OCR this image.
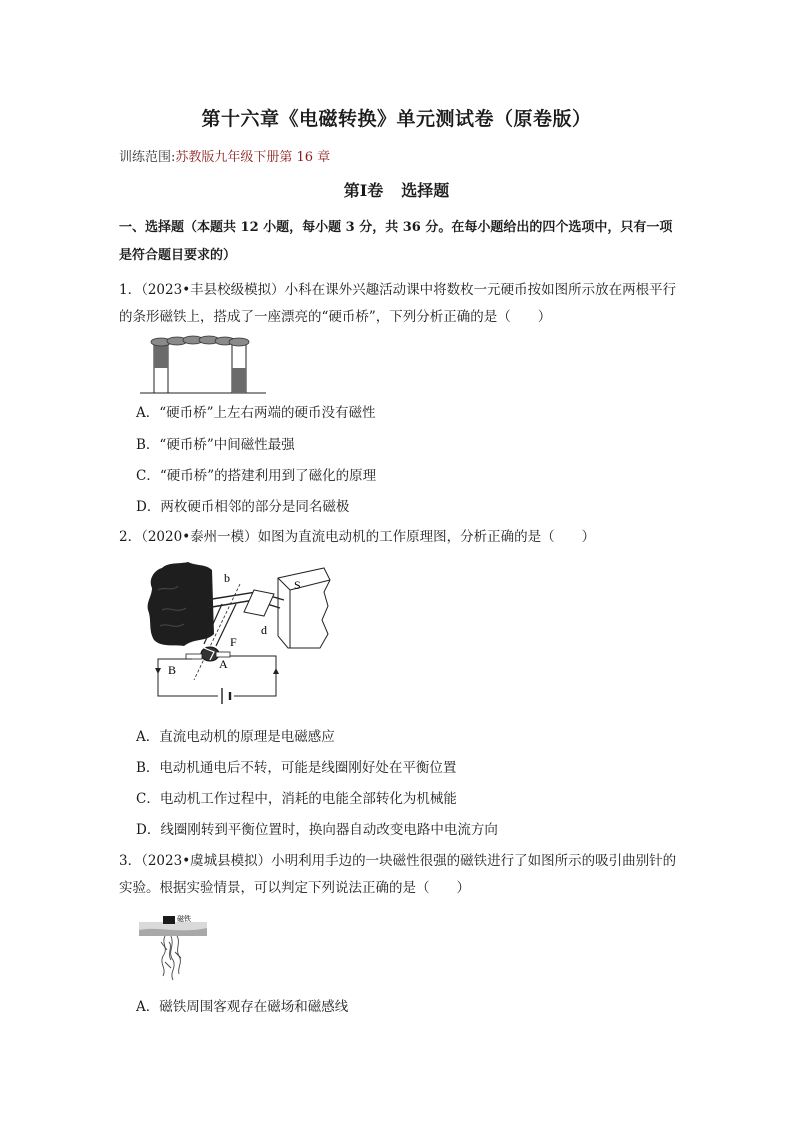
第十六章《电磁转换》单元测试卷（原卷版）
训练范围:苏教版九年级下册第 16 章
第Ⅰ卷 选择题
一、选择题（本题共 12 小题，每小题 3 分，共 36 分。在每小题给出的四个选项中，只有一项是符合题目要求的）
1．（2023•丰县校级模拟）小科在课外兴趣活动课中将数枚一元硬币按如图所示放在两根平行的条形磁铁上，搭成了一座漂亮的“硬币桥”，下列分析正确的是（　　）
A．“硬币桥”上左右两端的硬币没有磁性
B．“硬币桥”中间磁性最强
C．“硬币桥”的搭建利用到了磁化的原理
D．两枚硬币相邻的部分是同名磁极
2．（2020•泰州一模）如图为直流电动机的工作原理图，分析正确的是（　　）
b	S
d
F
A
B
A．直流电动机的原理是电磁感应
B．电动机通电后不转，可能是线圈刚好处在平衡位置
C．电动机工作过程中，消耗的电能全部转化为机械能
D．线圈刚转到平衡位置时，换向器自动改变电路中电流方向
3．（2023•虞城县模拟）小明利用手边的一块磁性很强的磁铁进行了如图所示的吸引曲别针的实验。根据实验情景，可以判定下列说法正确的是（　　）
磁铁
A．磁铁周围客观存在磁场和磁感线
